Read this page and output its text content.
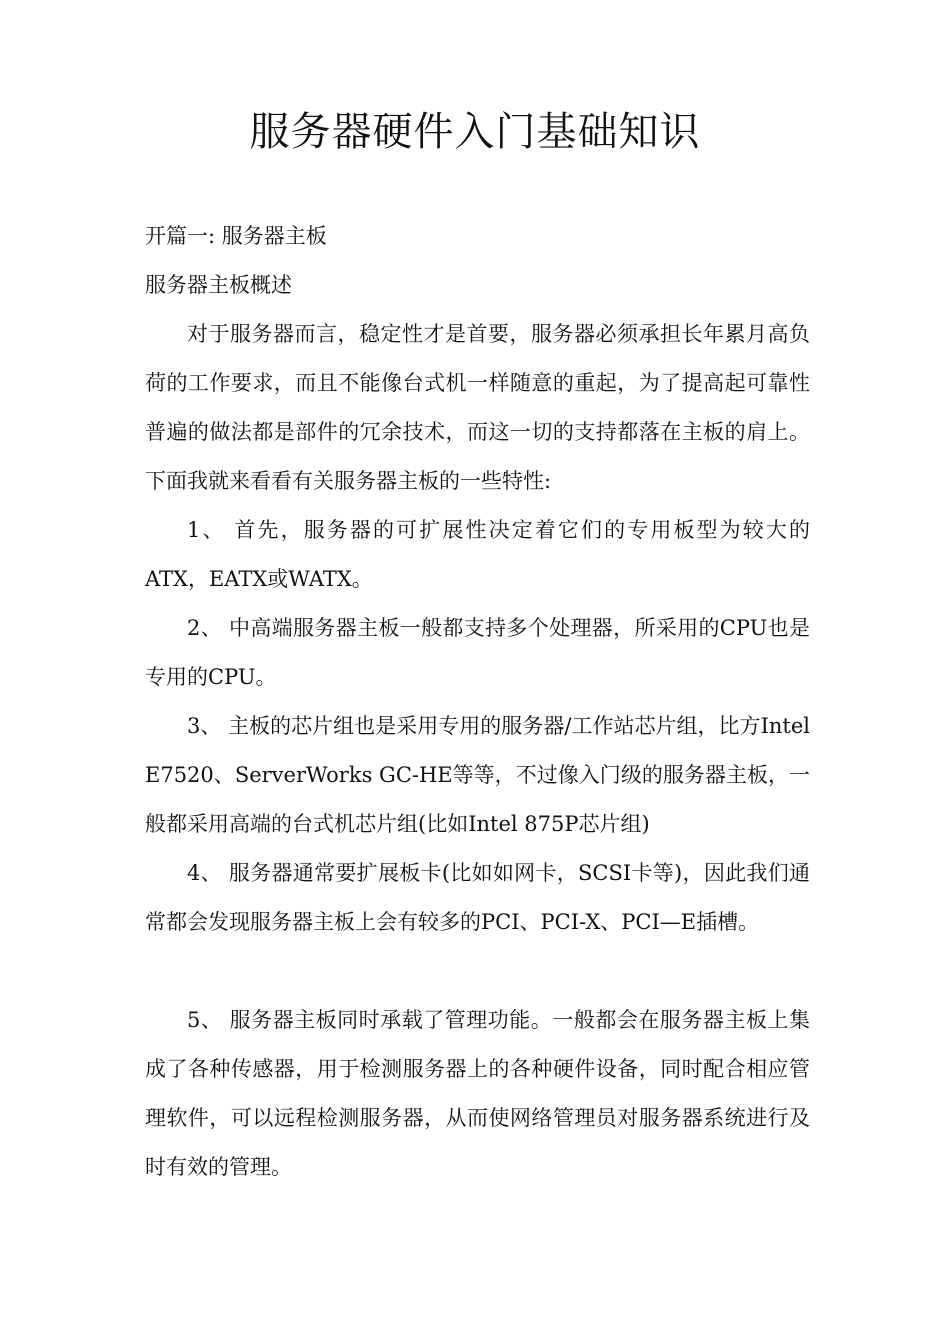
服务器硬件入门基础知识

开篇一: 服务器主板

服务器主板概述

对于服务器而言，稳定性才是首要，服务器必须承担长年累月高负荷的工作要求，而且不能像台式机一样随意的重起，为了提高起可靠性普遍的做法都是部件的冗余技术，而这一切的支持都落在主板的肩上。下面我就来看看有关服务器主板的一些特性:

1、 首先，服务器的可扩展性决定着它们的专用板型为较大的ATX，EATX或WATX。

2、 中高端服务器主板一般都支持多个处理器，所采用的CPU也是专用的CPU。

3、 主板的芯片组也是采用专用的服务器/工作站芯片组，比方Intel E7520、ServerWorks GC-HE等等，不过像入门级的服务器主板，一般都采用高端的台式机芯片组(比如Intel 875P芯片组)

4、 服务器通常要扩展板卡(比如如网卡，SCSI卡等)，因此我们通常都会发现服务器主板上会有较多的PCI、PCI-X、PCI—E插槽。

5、 服务器主板同时承载了管理功能。一般都会在服务器主板上集成了各种传感器，用于检测服务器上的各种硬件设备，同时配合相应管理软件，可以远程检测服务器，从而使网络管理员对服务器系统进行及时有效的管理。
